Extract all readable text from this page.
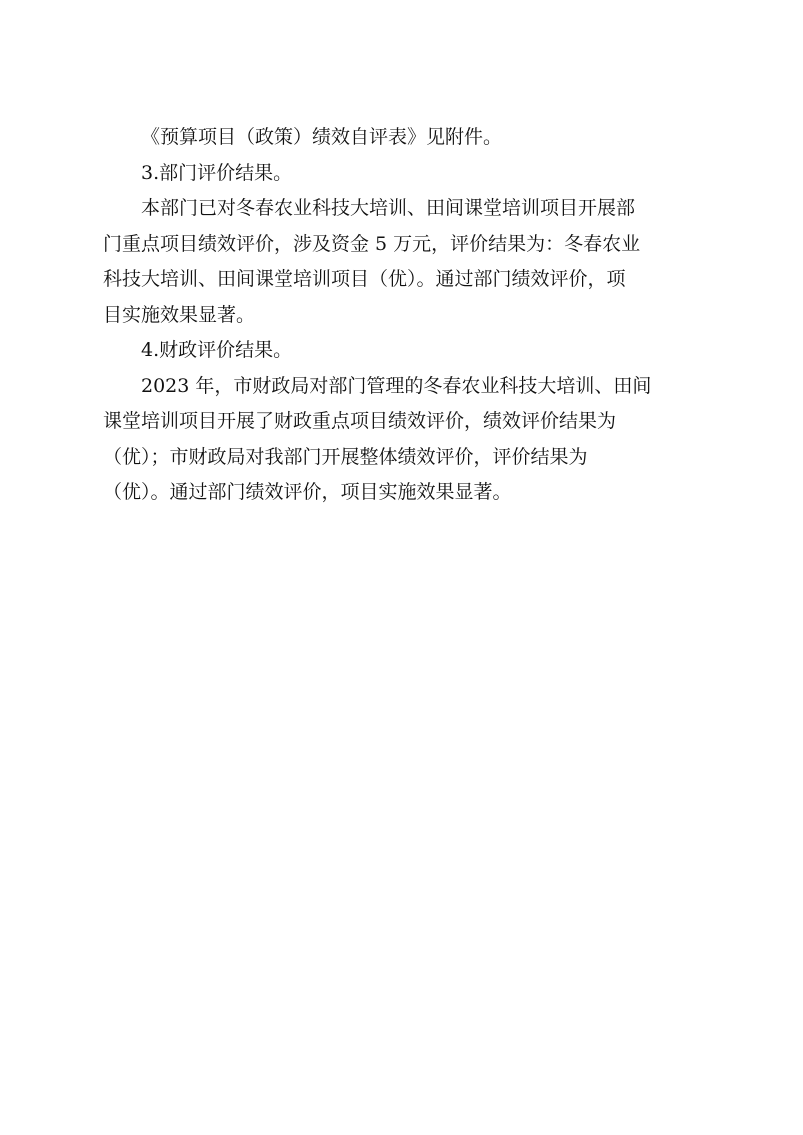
《预算项目（政策）绩效自评表》见附件。
3.部门评价结果。
本部门已对冬春农业科技大培训、田间课堂培训项目开展部
门重点项目绩效评价，涉及资金 5 万元，评价结果为：冬春农业
科技大培训、田间课堂培训项目（优）。通过部门绩效评价，项
目实施效果显著。
4.财政评价结果。
2023 年，市财政局对部门管理的冬春农业科技大培训、田间
课堂培训项目开展了财政重点项目绩效评价，绩效评价结果为
（优）；市财政局对我部门开展整体绩效评价，评价结果为
（优）。通过部门绩效评价，项目实施效果显著。
